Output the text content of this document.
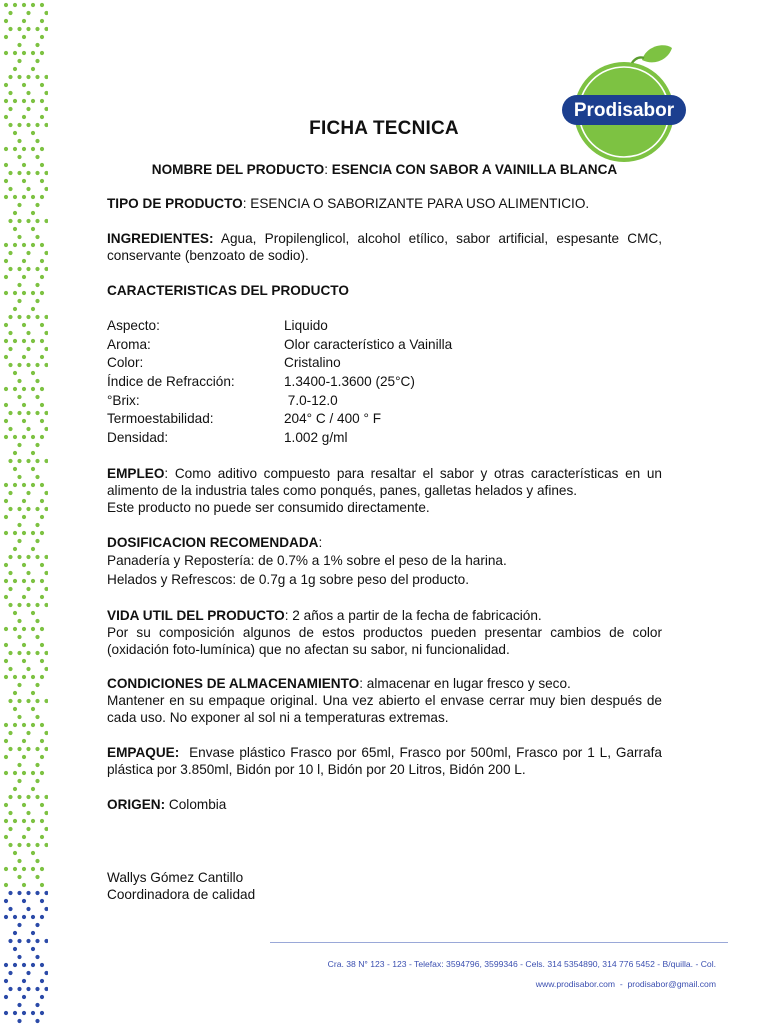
Prodisabor
FICHA TECNICA
NOMBRE DEL PRODUCTO: ESENCIA CON SABOR A VAINILLA BLANCA
TIPO DE PRODUCTO: ESENCIA O SABORIZANTE PARA USO ALIMENTICIO.
INGREDIENTES: Agua, Propilenglicol, alcohol etílico, sabor artificial, espesante CMC, conservante (benzoato de sodio).
CARACTERISTICAS DEL PRODUCTO
Aspecto:	Liquido
Aroma:	Olor característico a Vainilla
Color:	Cristalino
Índice de Refracción:	1.3400-1.3600 (25°C)
°Brix:	7.0-12.0
Termoestabilidad:	204° C / 400 ° F
Densidad:	1.002 g/ml
EMPLEO: Como aditivo compuesto para resaltar el sabor y otras características en un alimento de la industria tales como ponqués, panes, galletas helados y afines.
Este producto no puede ser consumido directamente.
DOSIFICACION RECOMENDADA:
Panadería y Repostería: de 0.7% a 1% sobre el peso de la harina.
Helados y Refrescos: de 0.7g a 1g sobre peso del producto.
VIDA UTIL DEL PRODUCTO: 2 años a partir de la fecha de fabricación.
Por su composición algunos de estos productos pueden presentar cambios de color (oxidación foto-lumínica) que no afectan su sabor, ni funcionalidad.
CONDICIONES DE ALMACENAMIENTO: almacenar en lugar fresco y seco.
Mantener en su empaque original. Una vez abierto el envase cerrar muy bien después de cada uso. No exponer al sol ni a temperaturas extremas.
EMPAQUE:  Envase plástico Frasco por 65ml, Frasco por 500ml, Frasco por 1 L, Garrafa plástica por 3.850ml, Bidón por 10 l, Bidón por 20 Litros, Bidón 200 L.
ORIGEN: Colombia
Wallys Gómez Cantillo
Coordinadora de calidad
Cra. 38 N° 123 - 123 - Telefax: 3594796, 3599346 - Cels. 314 5354890, 314 776 5452 - B/quilla. - Col.
www.prodisabor.com  -  prodisabor@gmail.com
